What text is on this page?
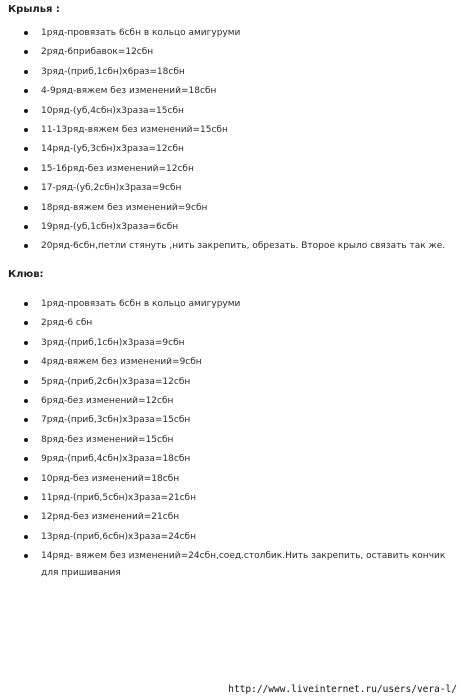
Крылья :
1ряд-провязать 6сбн в кольцо амигуруми
2ряд-6прибавок=12сбн
3ряд-(приб,1сбн)х6раз=18сбн
4-9ряд-вяжем без изменений=18сбн
10ряд-(уб,4сбн)х3раза=15сбн
11-13ряд-вяжем без изменений=15сбн
14ряд-(уб,3сбн)х3раза=12сбн
15-16ряд-без изменений=12сбн
17-ряд-(уб,2сбн)х3раза=9сбн
18ряд-вяжем без изменений=9сбн
19ряд-(уб,1сбн)х3раза=6сбн
20ряд-6сбн,петли стянуть ,нить закрепить, обрезать. Второе крыло связать так же.
Клюв:
1ряд-провязать 6сбн в кольцо амигуруми
2ряд-6 сбн
3ряд-(приб,1сбн)х3раза=9сбн
4ряд-вяжем без изменений=9сбн
5ряд-(приб,2сбн)х3раза=12сбн
6ряд-без изменений=12сбн
7ряд-(приб,3сбн)х3раза=15сбн
8ряд-без изменений=15сбн
9ряд-(приб,4сбн)х3раза=18сбн
10ряд-без изменений=18сбн
11ряд-(приб,5сбн)х3раза=21сбн
12ряд-без изменений=21сбн
13ряд-(приб,6сбн)х3раза=24сбн
14ряд- вяжем без изменений=24сбн,соед.столбик.Нить закрепить, оставить кончик для пришивания
http://www.liveinternet.ru/users/vera-l/
